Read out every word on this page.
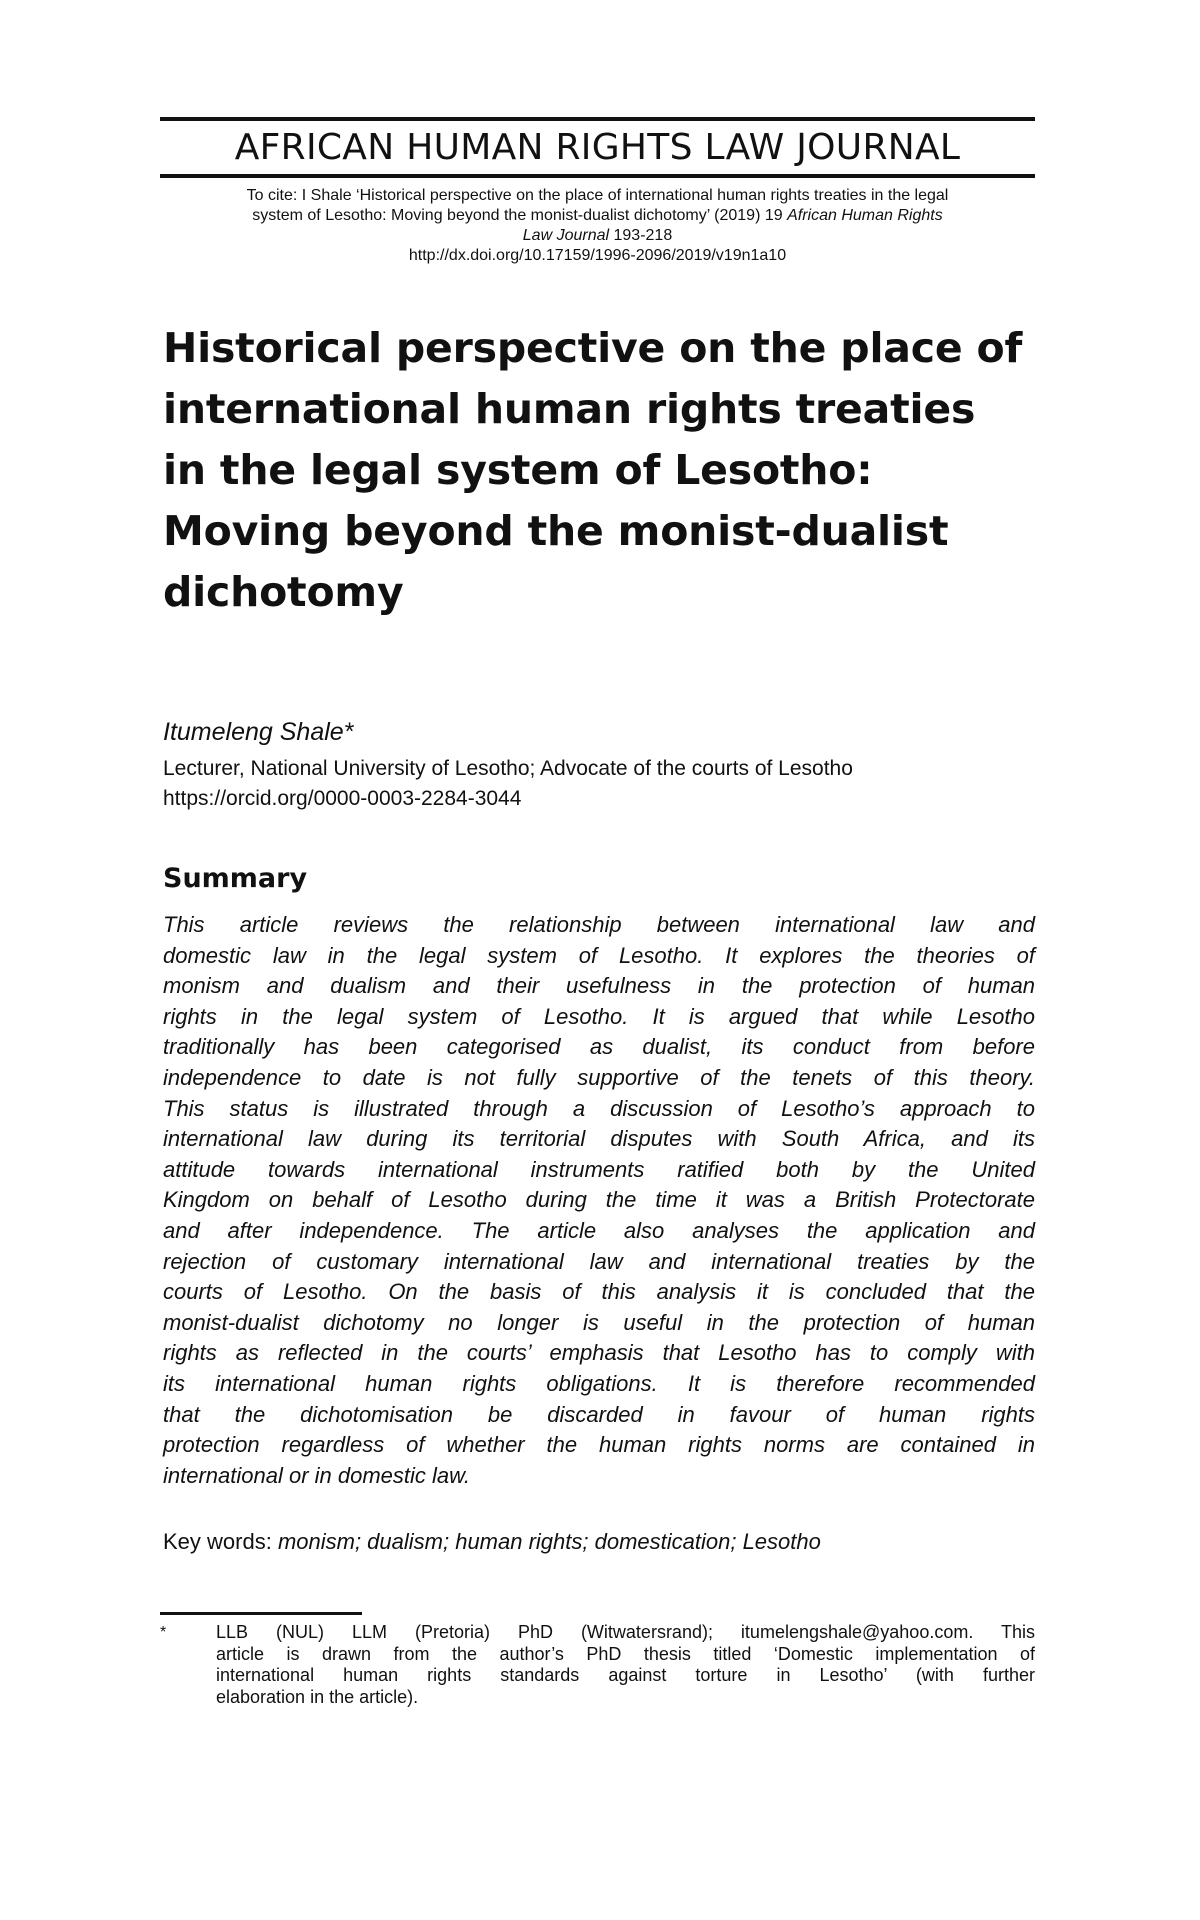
AFRICAN HUMAN RIGHTS LAW JOURNAL
To cite: I Shale ‘Historical perspective on the place of international human rights treaties in the legal
system of Lesotho: Moving beyond the monist-dualist dichotomy’ (2019) 19 African Human Rights
Law Journal 193-218
http://dx.doi.org/10.17159/1996-2096/2019/v19n1a10
Historical perspective on the place of
international human rights treaties
in the legal system of Lesotho:
Moving beyond the monist-dualist
dichotomy
Itumeleng Shale*
Lecturer, National University of Lesotho; Advocate of the courts of Lesotho
https://orcid.org/0000-0003-2284-3044
Summary
This article reviews the relationship between international law and
domestic law in the legal system of Lesotho. It explores the theories of
monism and dualism and their usefulness in the protection of human
rights in the legal system of Lesotho. It is argued that while Lesotho
traditionally has been categorised as dualist, its conduct from before
independence to date is not fully supportive of the tenets of this theory.
This status is illustrated through a discussion of Lesotho’s approach to
international law during its territorial disputes with South Africa, and its
attitude towards international instruments ratified both by the United
Kingdom on behalf of Lesotho during the time it was a British Protectorate
and after independence. The article also analyses the application and
rejection of customary international law and international treaties by the
courts of Lesotho. On the basis of this analysis it is concluded that the
monist-dualist dichotomy no longer is useful in the protection of human
rights as reflected in the courts’ emphasis that Lesotho has to comply with
its international human rights obligations. It is therefore recommended
that the dichotomisation be discarded in favour of human rights
protection regardless of whether the human rights norms are contained in
international or in domestic law.
Key words: monism; dualism; human rights; domestication; Lesotho
*	LLB (NUL) LLM (Pretoria) PhD (Witwatersrand); itumelengshale@yahoo.com. This
article is drawn from the author’s PhD thesis titled ‘Domestic implementation of
international human rights standards against torture in Lesotho’ (with further
elaboration in the article).
